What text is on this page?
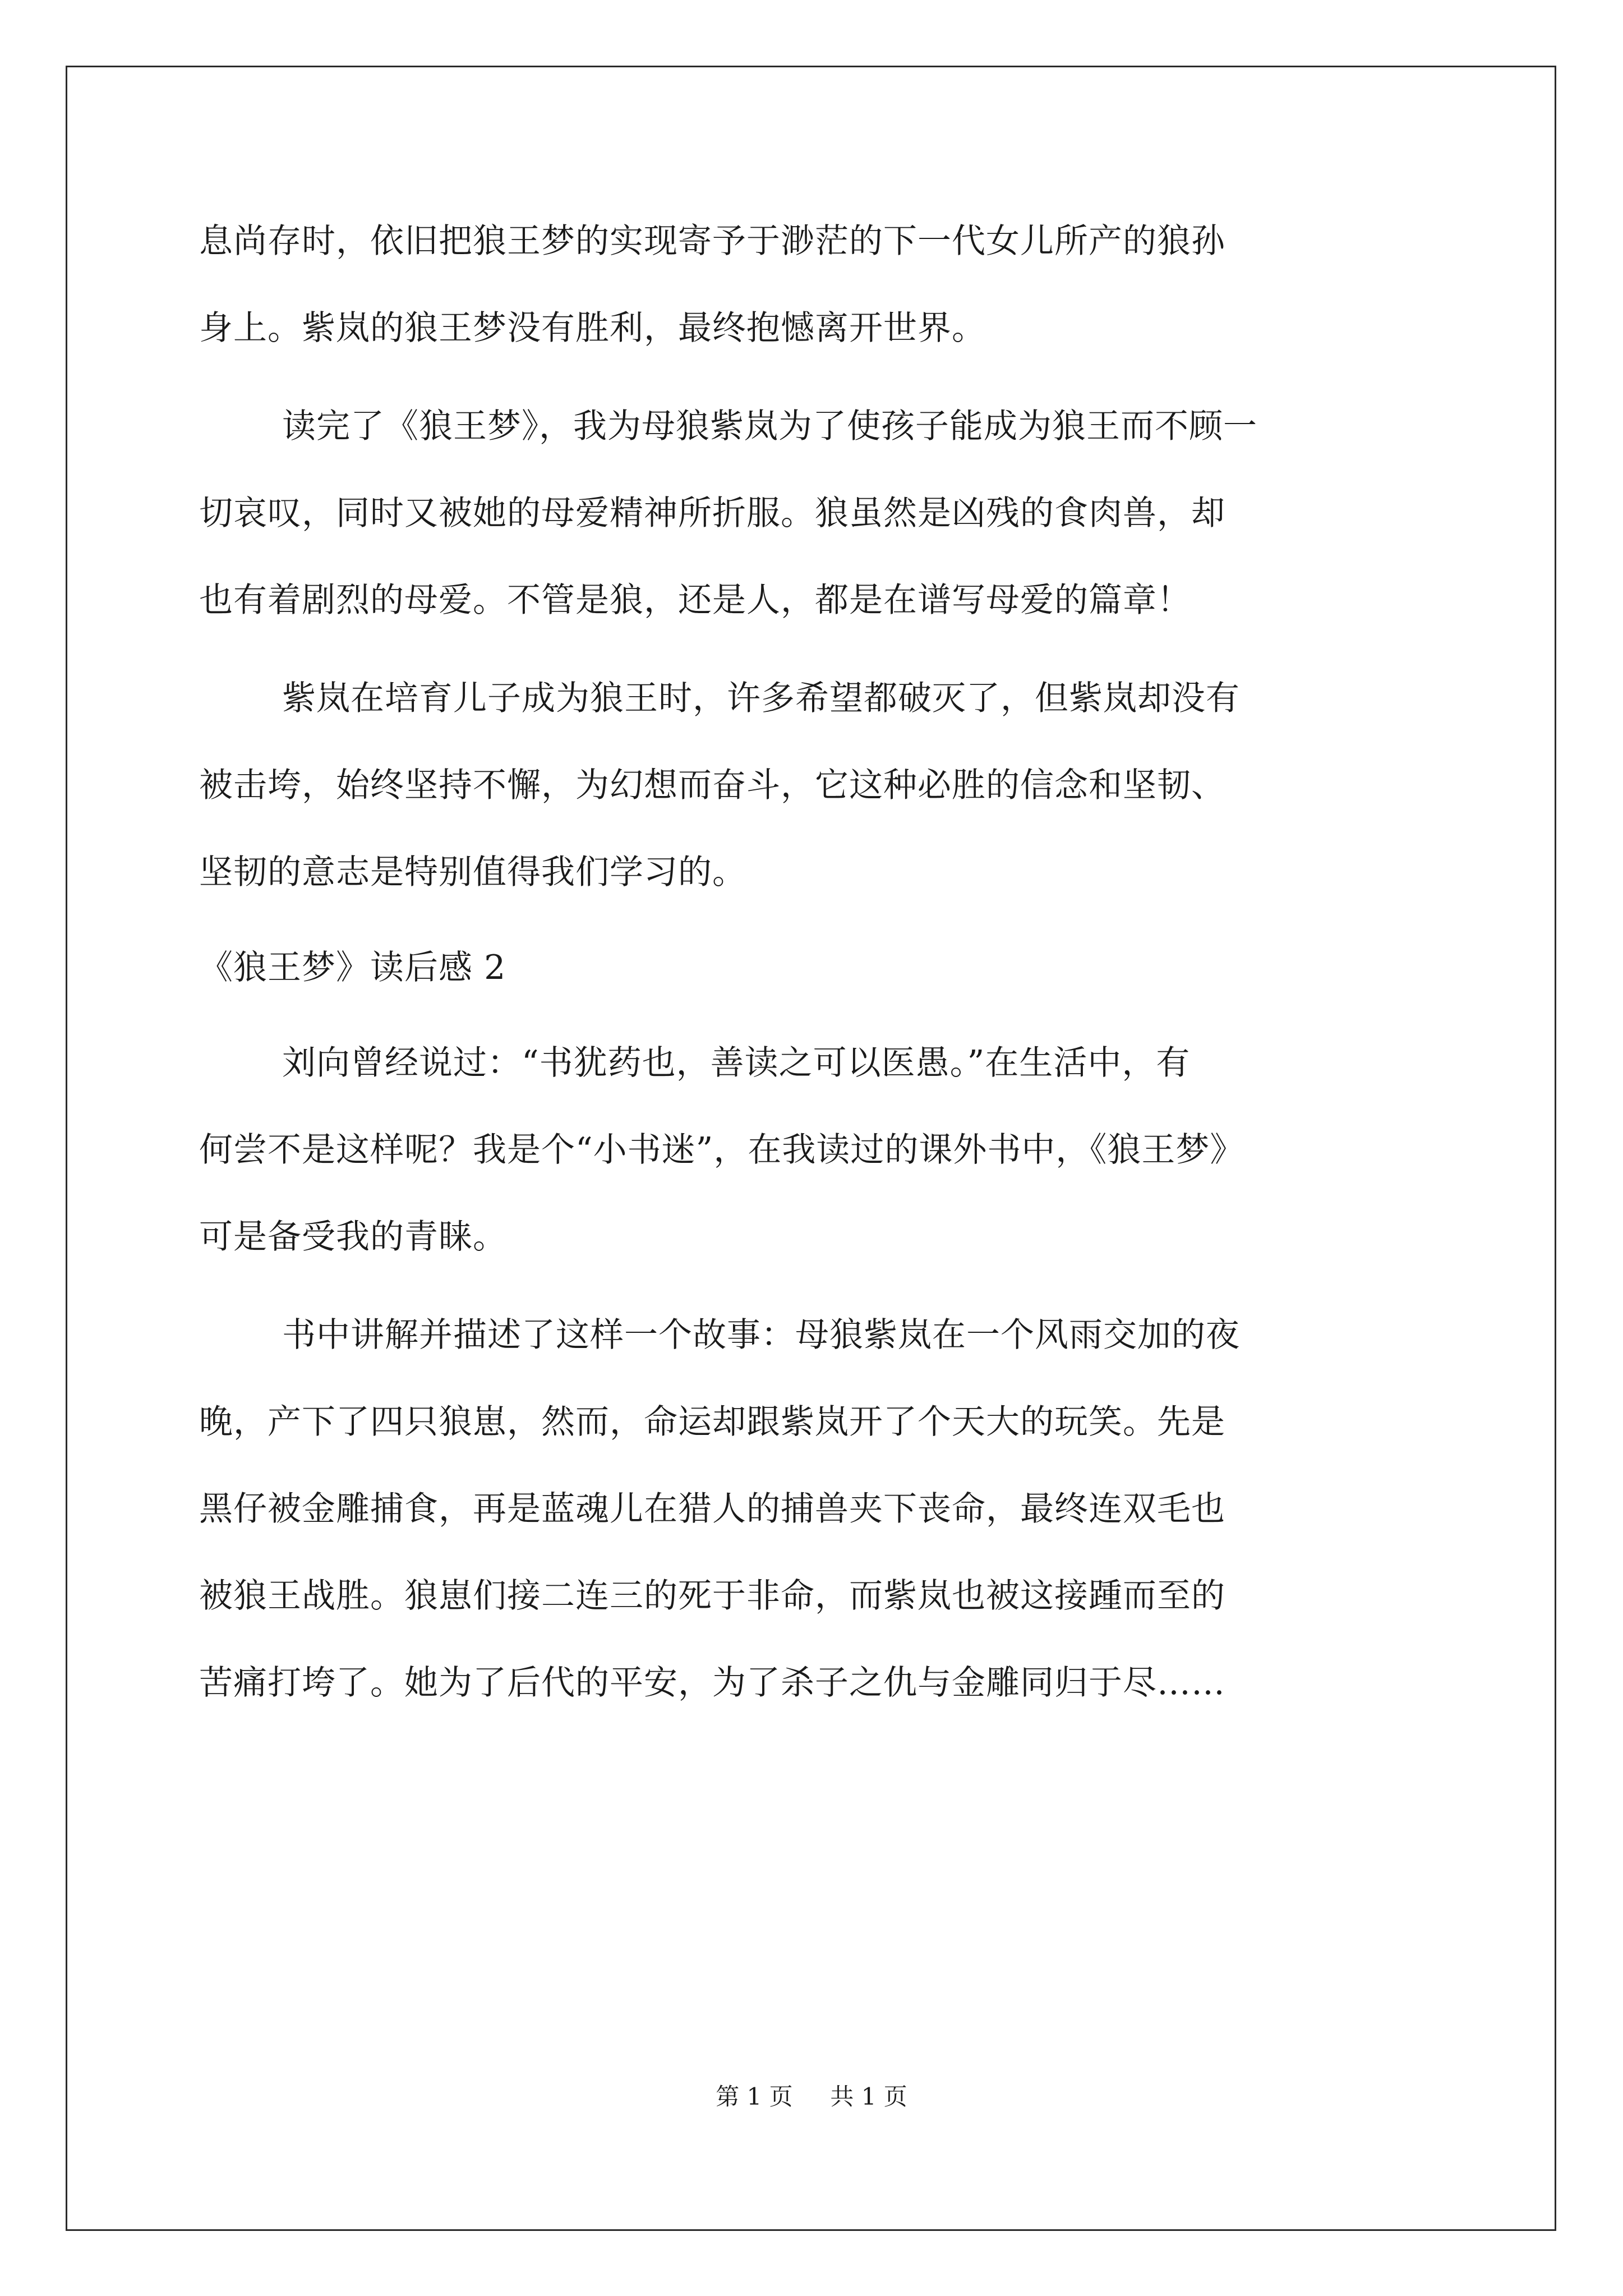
息尚存时，依旧把狼王梦的实现寄予于渺茫的下一代女儿所产的狼孙
身上。紫岚的狼王梦没有胜利，最终抱憾离开世界。
读完了《狼王梦》，我为母狼紫岚为了使孩子能成为狼王而不顾一
切哀叹，同时又被她的母爱精神所折服。狼虽然是凶残的食肉兽，却
也有着剧烈的母爱。不管是狼，还是人，都是在谱写母爱的篇章！
紫岚在培育儿子成为狼王时，许多希望都破灭了，但紫岚却没有
被击垮，始终坚持不懈，为幻想而奋斗，它这种必胜的信念和坚韧、
坚韧的意志是特别值得我们学习的。
《狼王梦》读后感 2
刘向曾经说过：“书犹药也，善读之可以医愚。”在生活中，有
何尝不是这样呢？我是个“小书迷”，在我读过的课外书中，《狼王梦》
可是备受我的青睐。
书中讲解并描述了这样一个故事：母狼紫岚在一个风雨交加的夜
晚，产下了四只狼崽，然而，命运却跟紫岚开了个天大的玩笑。先是
黑仔被金雕捕食，再是蓝魂儿在猎人的捕兽夹下丧命，最终连双毛也
被狼王战胜。狼崽们接二连三的死于非命，而紫岚也被这接踵而至的
苦痛打垮了。她为了后代的平安，为了杀子之仇与金雕同归于尽……
第 1 页 共 1 页
